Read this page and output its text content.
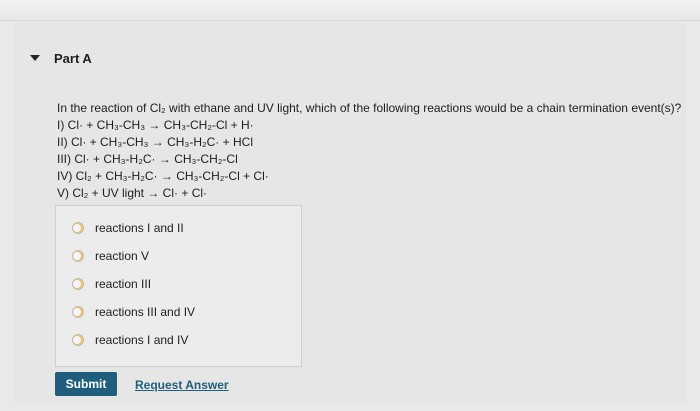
Part A
In the reaction of Cl₂ with ethane and UV light, which of the following reactions would be a chain termination event(s)?
I) Cl· + CH₃-CH₃ → CH₃-CH₂-Cl + H·
II) Cl· + CH₃-CH₃ → CH₃-H₂C· + HCl
III) Cl· + CH₃-H₂C· → CH₃-CH₂-Cl
IV) Cl₂ + CH₃-H₂C· → CH₃-CH₂-Cl + Cl·
V) Cl₂ + UV light → Cl· + Cl·
reactions I and II
reaction V
reaction III
reactions III and IV
reactions I and IV
Submit	Request Answer
